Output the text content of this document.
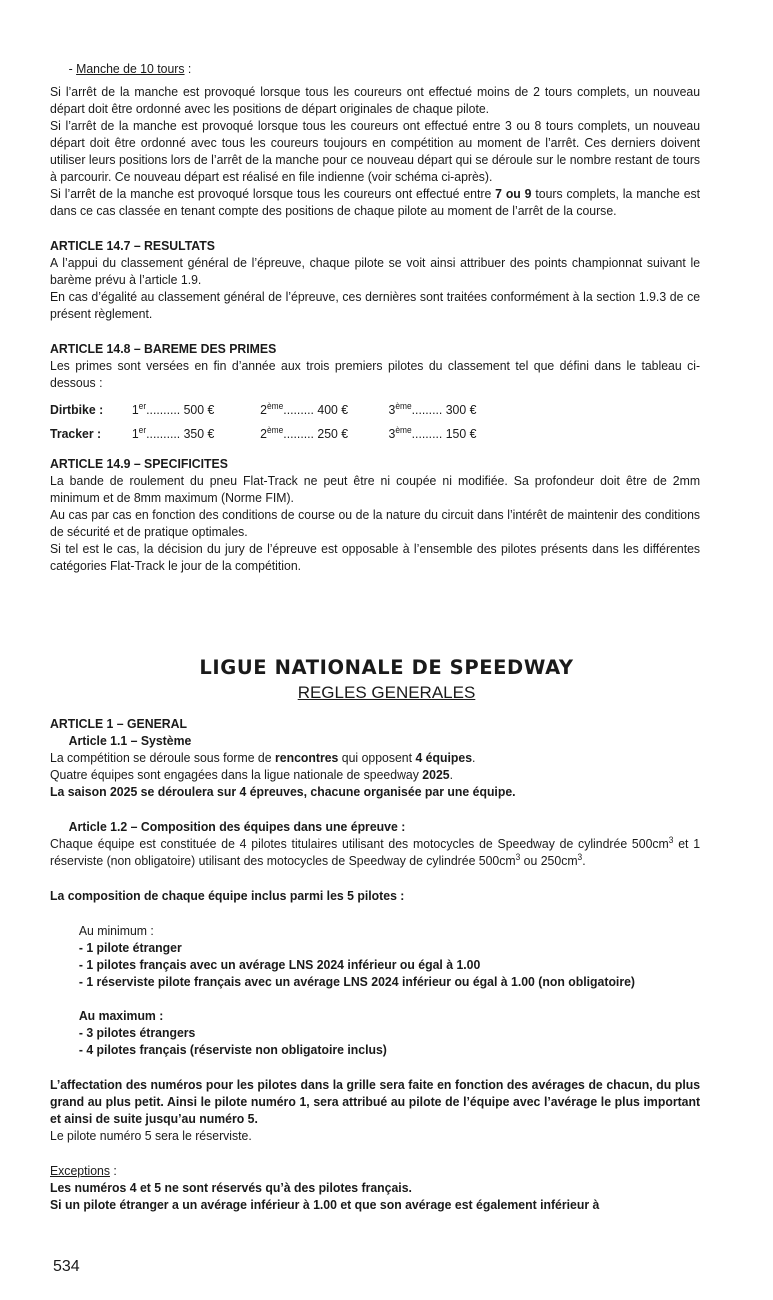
- Manche de 10 tours :

Si l’arrêt de la manche est provoqué lorsque tous les coureurs ont effectué moins de 2 tours complets, un nouveau départ doit être ordonné avec les positions de départ originales de chaque pilote.

Si l’arrêt de la manche est provoqué lorsque tous les coureurs ont effectué entre 3 ou 8 tours complets, un nouveau départ doit être ordonné avec tous les coureurs toujours en compétition au moment de l’arrêt. Ces derniers doivent utiliser leurs positions lors de l’arrêt de la manche pour ce nouveau départ qui se déroule sur le nombre restant de tours à parcourir. Ce nouveau départ est réalisé en file indienne (voir schéma ci-après).

Si l’arrêt de la manche est provoqué lorsque tous les coureurs ont effectué entre 7 ou 9 tours complets, la manche est dans ce cas classée en tenant compte des positions de chaque pilote au moment de l’arrêt de la course.

ARTICLE 14.7 – RESULTATS

A l’appui du classement général de l’épreuve, chaque pilote se voit ainsi attribuer des points championnat suivant le barème prévu à l’article 1.9.

En cas d’égalité au classement général de l’épreuve, ces dernières sont traitées conformément à la section 1.9.3 de ce présent règlement.

ARTICLE 14.8 – BAREME DES PRIMES

Les primes sont versées en fin d’année aux trois premiers pilotes du classement tel que défini dans le tableau ci-dessous :

Dirtbike :	1er.......... 500 €	2ème......... 400 €	3ème......... 300 €
Tracker :	1er.......... 350 €	2ème......... 250 €	3ème......... 150 €

ARTICLE 14.9 – SPECIFICITES

La bande de roulement du pneu Flat-Track ne peut être ni coupée ni modifiée. Sa profondeur doit être de 2mm minimum et de 8mm maximum (Norme FIM).

Au cas par cas en fonction des conditions de course ou de la nature du circuit dans l’intérêt de maintenir des conditions de sécurité et de pratique optimales.

Si tel est le cas, la décision du jury de l’épreuve est opposable à l’ensemble des pilotes présents dans les différentes catégories Flat-Track le jour de la compétition.

LIGUE NATIONALE DE SPEEDWAY
REGLES GENERALES

ARTICLE 1 – GENERAL

Article 1.1 – Système

La compétition se déroule sous forme de rencontres qui opposent 4 équipes.

Quatre équipes sont engagées dans la ligue nationale de speedway 2025.

La saison 2025 se déroulera sur 4 épreuves, chacune organisée par une équipe.

Article 1.2 – Composition des équipes dans une épreuve :

Chaque équipe est constituée de 4 pilotes titulaires utilisant des motocycles de Speedway de cylindrée $500cm^3$ et 1 réserviste (non obligatoire) utilisant des motocycles de Speedway de cylindrée $500cm^3$ ou $250cm^3$.

La composition de chaque équipe inclus parmi les 5 pilotes :

Au minimum :

- 1 pilote étranger

- 1 pilotes français avec un avérage LNS 2024 inférieur ou égal à 1.00

- 1 réserviste pilote français avec un avérage LNS 2024 inférieur ou égal à 1.00 (non obligatoire)

Au maximum :

- 3 pilotes étrangers

- 4 pilotes français (réserviste non obligatoire inclus)

L’affectation des numéros pour les pilotes dans la grille sera faite en fonction des avérages de chacun, du plus grand au plus petit. Ainsi le pilote numéro 1, sera attribué au pilote de l’équipe avec l’avérage le plus important et ainsi de suite jusqu’au numéro 5.

Le pilote numéro 5 sera le réserviste.

Exceptions :

Les numéros 4 et 5 ne sont réservés qu’à des pilotes français.

Si un pilote étranger a un avérage inférieur à 1.00 et que son avérage est également inférieur à

534
